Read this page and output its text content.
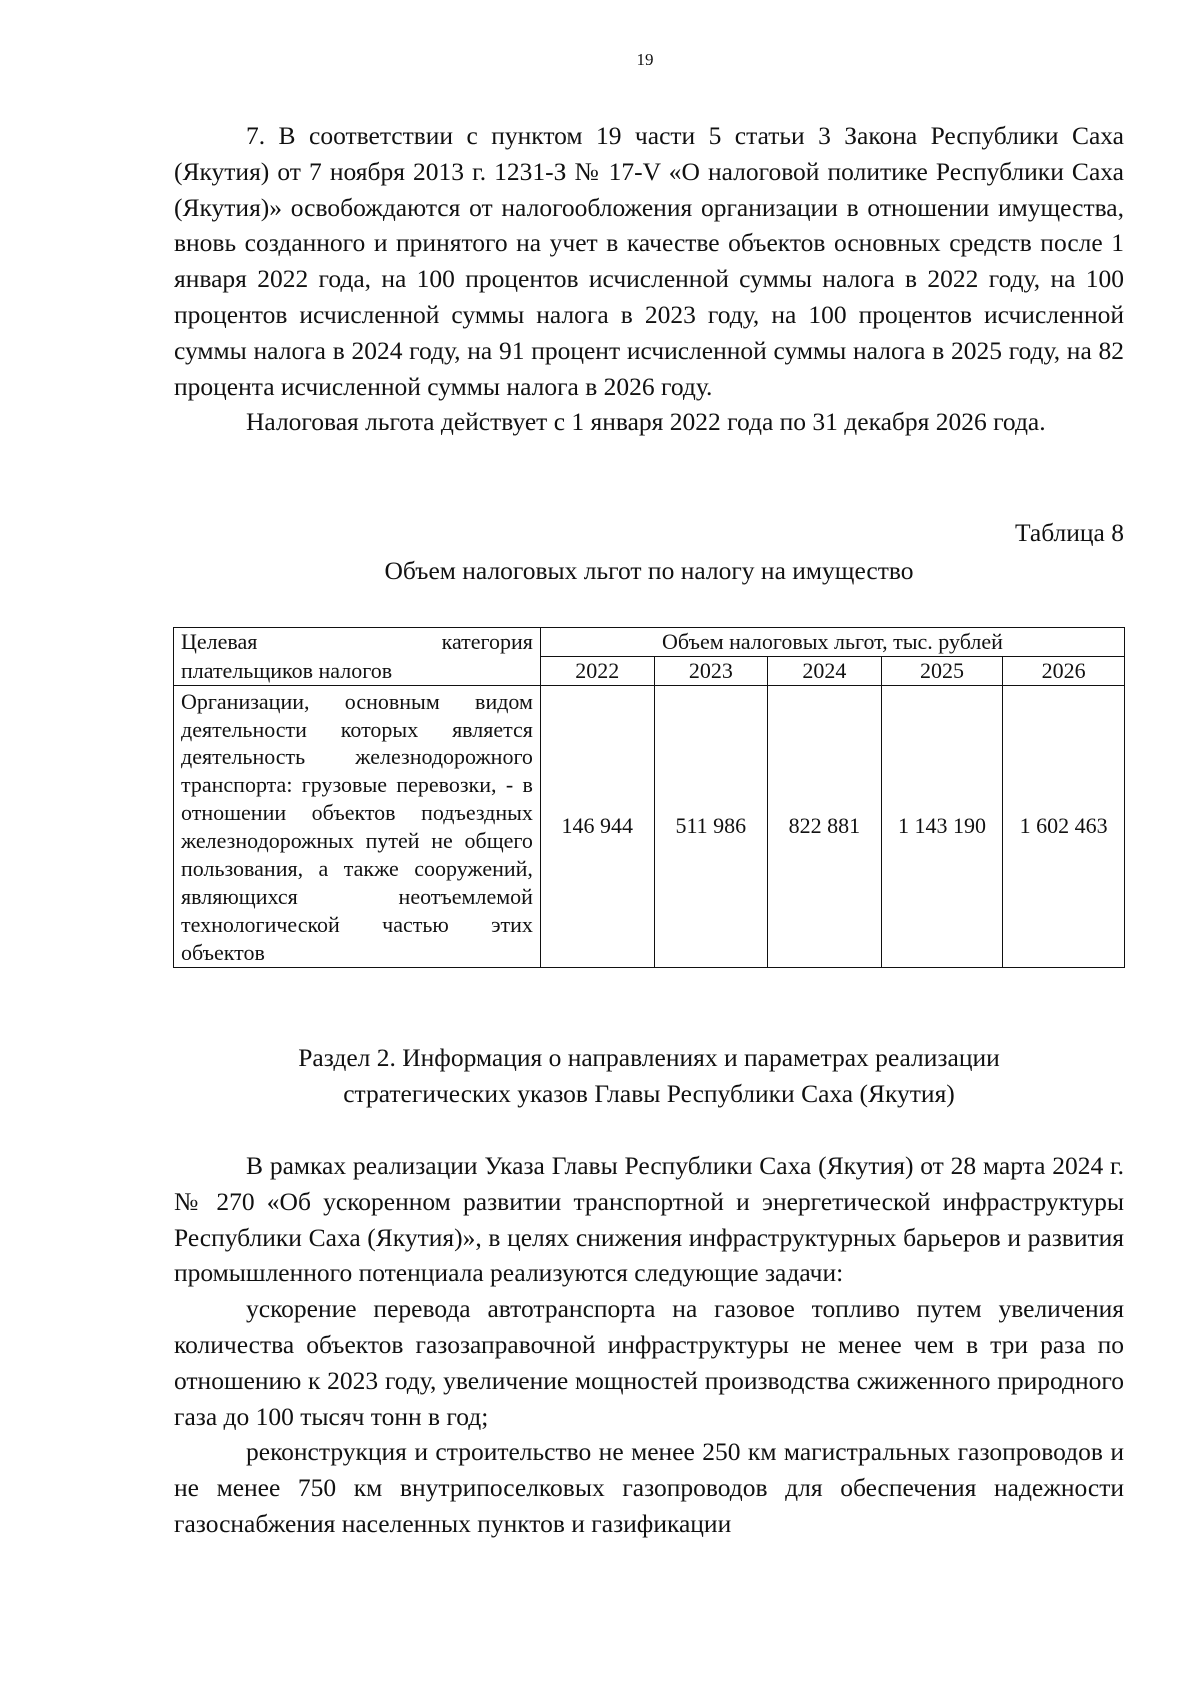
19

7. В соответствии с пунктом 19 части 5 статьи 3 Закона Республики Саха (Якутия) от 7 ноября 2013 г. 1231-З № 17-V «О налоговой политике Республики Саха (Якутия)» освобождаются от налогообложения организации в отношении имущества, вновь созданного и принятого на учет в качестве объектов основных средств после 1 января 2022 года, на 100 процентов исчисленной суммы налога в 2022 году, на 100 процентов исчисленной суммы налога в 2023 году, на 100 процентов исчисленной суммы налога в 2024 году, на 91 процент исчисленной суммы налога в 2025 году, на 82 процента исчисленной суммы налога в 2026 году.

Налоговая льгота действует с 1 января 2022 года по 31 декабря 2026 года.

Таблица 8
Объем налоговых льгот по налогу на имущество
Целевая категория	Объем налоговых льгот, тыс. рублей				
плательщиков налогов	2022	2023	2024	2025	2026
Организации, основным видом деятельности которых является деятельность железнодорожного транспорта: грузовые перевозки, - в отношении объектов подъездных железнодорожных путей не общего пользования, а также сооружений, являющихся неотъемлемой технологической частью этих объектов	146 944	511 986	822 881	1 143 190	1 602 463
Раздел 2. Информация о направлениях и параметрах реализации
стратегических указов Главы Республики Саха (Якутия)

В рамках реализации Указа Главы Республики Саха (Якутия) от 28 марта 2024 г. № 270 «Об ускоренном развитии транспортной и энергетической инфраструктуры Республики Саха (Якутия)», в целях снижения инфраструктурных барьеров и развития промышленного потенциала реализуются следующие задачи:

ускорение перевода автотранспорта на газовое топливо путем увеличения количества объектов газозаправочной инфраструктуры не менее чем в три раза по отношению к 2023 году, увеличение мощностей производства сжиженного природного газа до 100 тысяч тонн в год;

реконструкция и строительство не менее 250 км магистральных газопроводов и не менее 750 км внутрипоселковых газопроводов для обеспечения надежности газоснабжения населенных пунктов и газификации
